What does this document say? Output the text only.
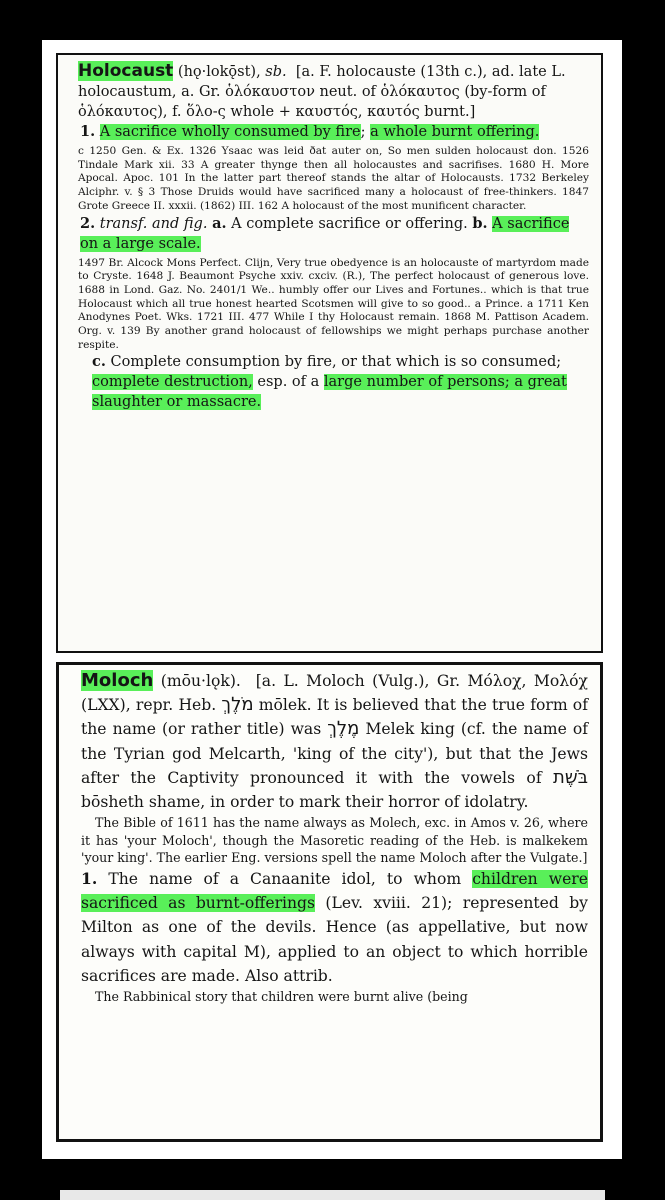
Holocaust (hǫ·lokǭst), sb. [a. F. holocauste (13th c.), ad. late L. holocaustum, a. Gr. ὁλόκαυστον neut. of ὁλόκαυτος (by-form of ὁλόκαυτος), f. ὅλο-ς whole + καυστός, καυτός burnt.]

1. A sacrifice wholly consumed by fire; a whole burnt offering.

c 1250 Gen. & Ex. 1326 Ysaac was leid ðat auter on, So men sulden holocaust don. 1526 Tindale Mark xii. 33 A greater thynge then all holocaustes and sacrifises. 1680 H. More Apocal. Apoc. 101 In the latter part thereof stands the altar of Holocausts. 1732 Berkeley Alciphr. v. § 3 Those Druids would have sacrificed many a holocaust of free-thinkers. 1847 Grote Greece II. xxxii. (1862) III. 162 A holocaust of the most munificent character.

2. transf. and fig. a. A complete sacrifice or offering. b. A sacrifice on a large scale.

1497 Br. Alcock Mons Perfect. Clijn, Very true obedyence is an holocauste of martyrdom made to Cryste. 1648 J. Beaumont Psyche xxiv. cxciv. (R.), The perfect holocaust of generous love. 1688 in Lond. Gaz. No. 2401/1 We.. humbly offer our Lives and Fortunes.. which is that true Holocaust which all true honest hearted Scotsmen will give to so good.. a Prince. a 1711 Ken Anodynes Poet. Wks. 1721 III. 477 While I thy Holocaust remain. 1868 M. Pattison Academ. Org. v. 139 By another grand holocaust of fellowships we might perhaps purchase another respite.

c. Complete consumption by fire, or that which is so consumed; complete destruction, esp. of a large number of persons; a great slaughter or massacre.

Moloch (mōu·lǫk). [a. L. Moloch (Vulg.), Gr. Μόλοχ, Μολόχ (LXX), repr. Heb. מֹלֶךְ mōlek. It is believed that the true form of the name (or rather title) was מֶלֶךְ Melek king (cf. the name of the Tyrian god Melcarth, 'king of the city'), but that the Jews after the Captivity pronounced it with the vowels of בֹּשֶׁת bōsheth shame, in order to mark their horror of idolatry.

The Bible of 1611 has the name always as Molech, exc. in Amos v. 26, where it has 'your Moloch', though the Masoretic reading of the Heb. is malkekem 'your king'. The earlier Eng. versions spell the name Moloch after the Vulgate.]

1. The name of a Canaanite idol, to whom children were sacrificed as burnt-offerings (Lev. xviii. 21); represented by Milton as one of the devils. Hence (as appellative, but now always with capital M), applied to an object to which horrible sacrifices are made. Also attrib.

The Rabbinical story that children were burnt alive (being
